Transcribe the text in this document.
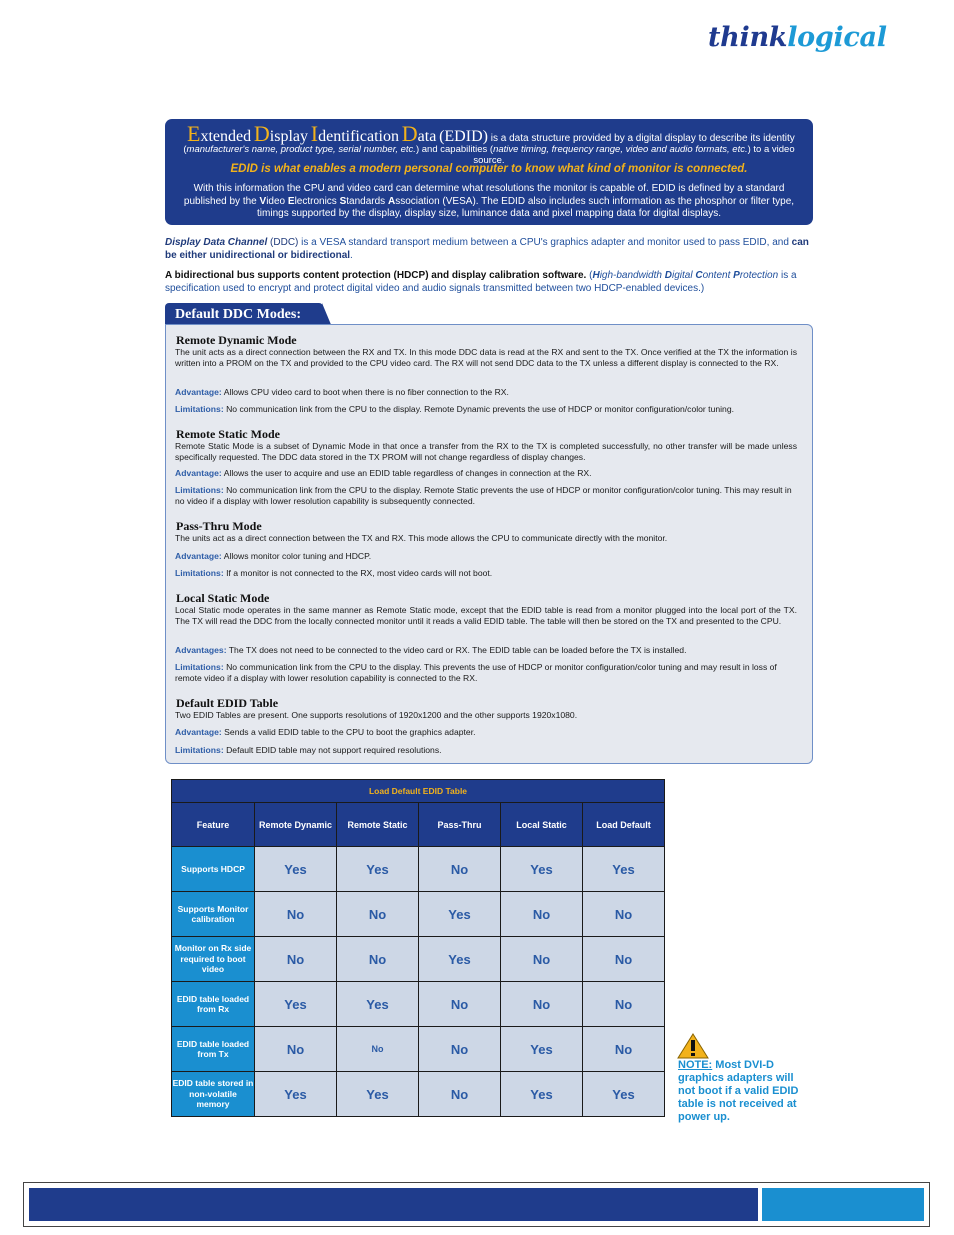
thinklogical
Extended Display Identification Data (EDID) is a data structure provided by a digital display to describe its identity
(manufacturer's name, product type, serial number, etc.) and capabilities (native timing, frequency range, video and audio formats, etc.) to a video source.
EDID is what enables a modern personal computer to know what kind of monitor is connected.
With this information the CPU and video card can determine what resolutions the monitor is capable of. EDID is defined by a standard published by the Video Electronics Standards Association (VESA). The EDID also includes such information as the phosphor or filter type, timings supported by the display, display size, luminance data and pixel mapping data for digital displays.
Display Data Channel (DDC) is a VESA standard transport medium between a CPU's graphics adapter and monitor used to pass EDID, and can be either unidirectional or bidirectional.
A bidirectional bus supports content protection (HDCP) and display calibration software. (High-bandwidth Digital Content Protection is a specification used to encrypt and protect digital video and audio signals transmitted between two HDCP-enabled devices.)
Default DDC Modes:
Remote Dynamic Mode
The unit acts as a direct connection between the RX and TX. In this mode DDC data is read at the RX and sent to the TX. Once verified at the TX the information is written into a PROM on the TX and provided to the CPU video card. The RX will not send DDC data to the TX unless a different display is connected to the RX.
Advantage: Allows CPU video card to boot when there is no fiber connection to the RX.
Limitations: No communication link from the CPU to the display. Remote Dynamic prevents the use of HDCP or monitor configuration/color tuning.
Remote Static Mode
Remote Static Mode is a subset of Dynamic Mode in that once a transfer from the RX to the TX is completed successfully, no other transfer will be made unless specifically requested. The DDC data stored in the TX PROM will not change regardless of display changes.
Advantage: Allows the user to acquire and use an EDID table regardless of changes in connection at the RX.
Limitations: No communication link from the CPU to the display. Remote Static prevents the use of HDCP or monitor configuration/color tuning. This may result in no video if a display with lower resolution capability is subsequently connected.
Pass-Thru Mode
The units act as a direct connection between the TX and RX. This mode allows the CPU to communicate directly with the monitor.
Advantage: Allows monitor color tuning and HDCP.
Limitations: If a monitor is not connected to the RX, most video cards will not boot.
Local Static Mode
Local Static mode operates in the same manner as Remote Static mode, except that the EDID table is read from a monitor plugged into the local port of the TX. The TX will read the DDC from the locally connected monitor until it reads a valid EDID table. The table will then be stored on the TX and presented to the CPU.
Advantages: The TX does not need to be connected to the video card or RX. The EDID table can be loaded before the TX is installed.
Limitations: No communication link from the CPU to the display. This prevents the use of HDCP or monitor configuration/color tuning and may result in loss of remote video if a display with lower resolution capability is connected to the RX.
Default EDID Table
Two EDID Tables are present. One supports resolutions of 1920x1200 and the other supports 1920x1080.
Advantage: Sends a valid EDID table to the CPU to boot the graphics adapter.
Limitations: Default EDID table may not support required resolutions.
Load Default EDID Table					
Feature	Remote Dynamic	Remote Static	Pass-Thru	Local Static	Load Default
Supports HDCP	Yes	Yes	No	Yes	Yes
Supports Monitor calibration	No	No	Yes	No	No
Monitor on Rx side required to boot video	No	No	Yes	No	No
EDID table loaded from Rx	Yes	Yes	No	No	No
EDID table loaded from Tx	No	No	No	Yes	No
EDID table stored in non-volatile memory	Yes	Yes	No	Yes	Yes
NOTE: Most DVI-D graphics adapters will not boot if a valid EDID table is not received at power up.
